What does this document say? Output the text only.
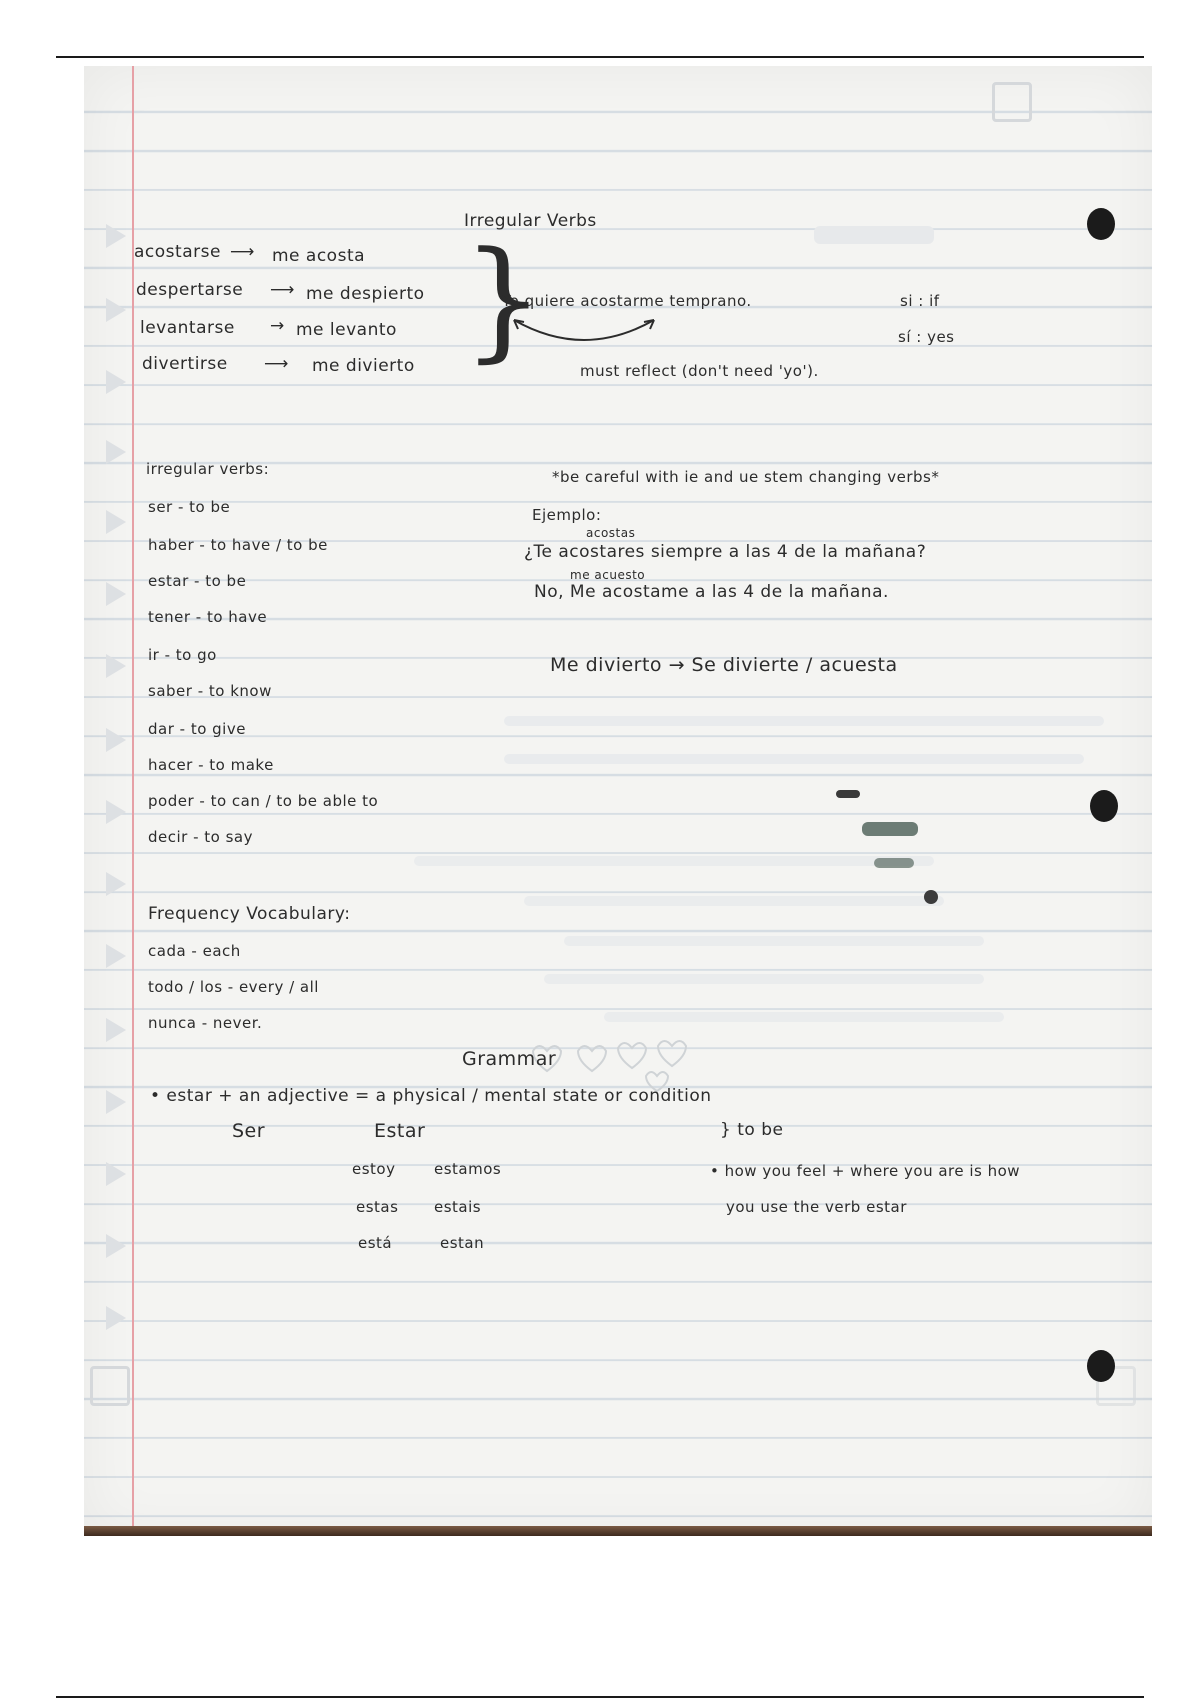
Irregular Verbs
acostarse ⟶ me acosta
despertarse ⟶ me despierto
levantarse → me levanto
divertirse ⟶ me divierto }
Yo quiere acostarme temprano.	si : if
sí : yes
must reflect (don't need 'yo').
irregular verbs:
ser - to be
haber - to have / to be
estar - to be
tener - to have
ir - to go
saber - to know
dar - to give
hacer - to make
poder - to can / to be able to
decir - to say
*be careful with ie and ue stem changing verbs*
Ejemplo:
acostas
¿Te acostares siempre a las 4 de la mañana?
me acuesto
No, Me acostame a las 4 de la mañana.
Me divierto → Se divierte / acuesta
Frequency Vocabulary:
cada - each
todo / los - every / all
nunca - never.
Grammar
• estar + an adjective = a physical / mental state or condition
Ser	Estar
estoy	estamos
estas estais
está	estan
} to be
• how you feel + where you are is how
you use the verb estar
